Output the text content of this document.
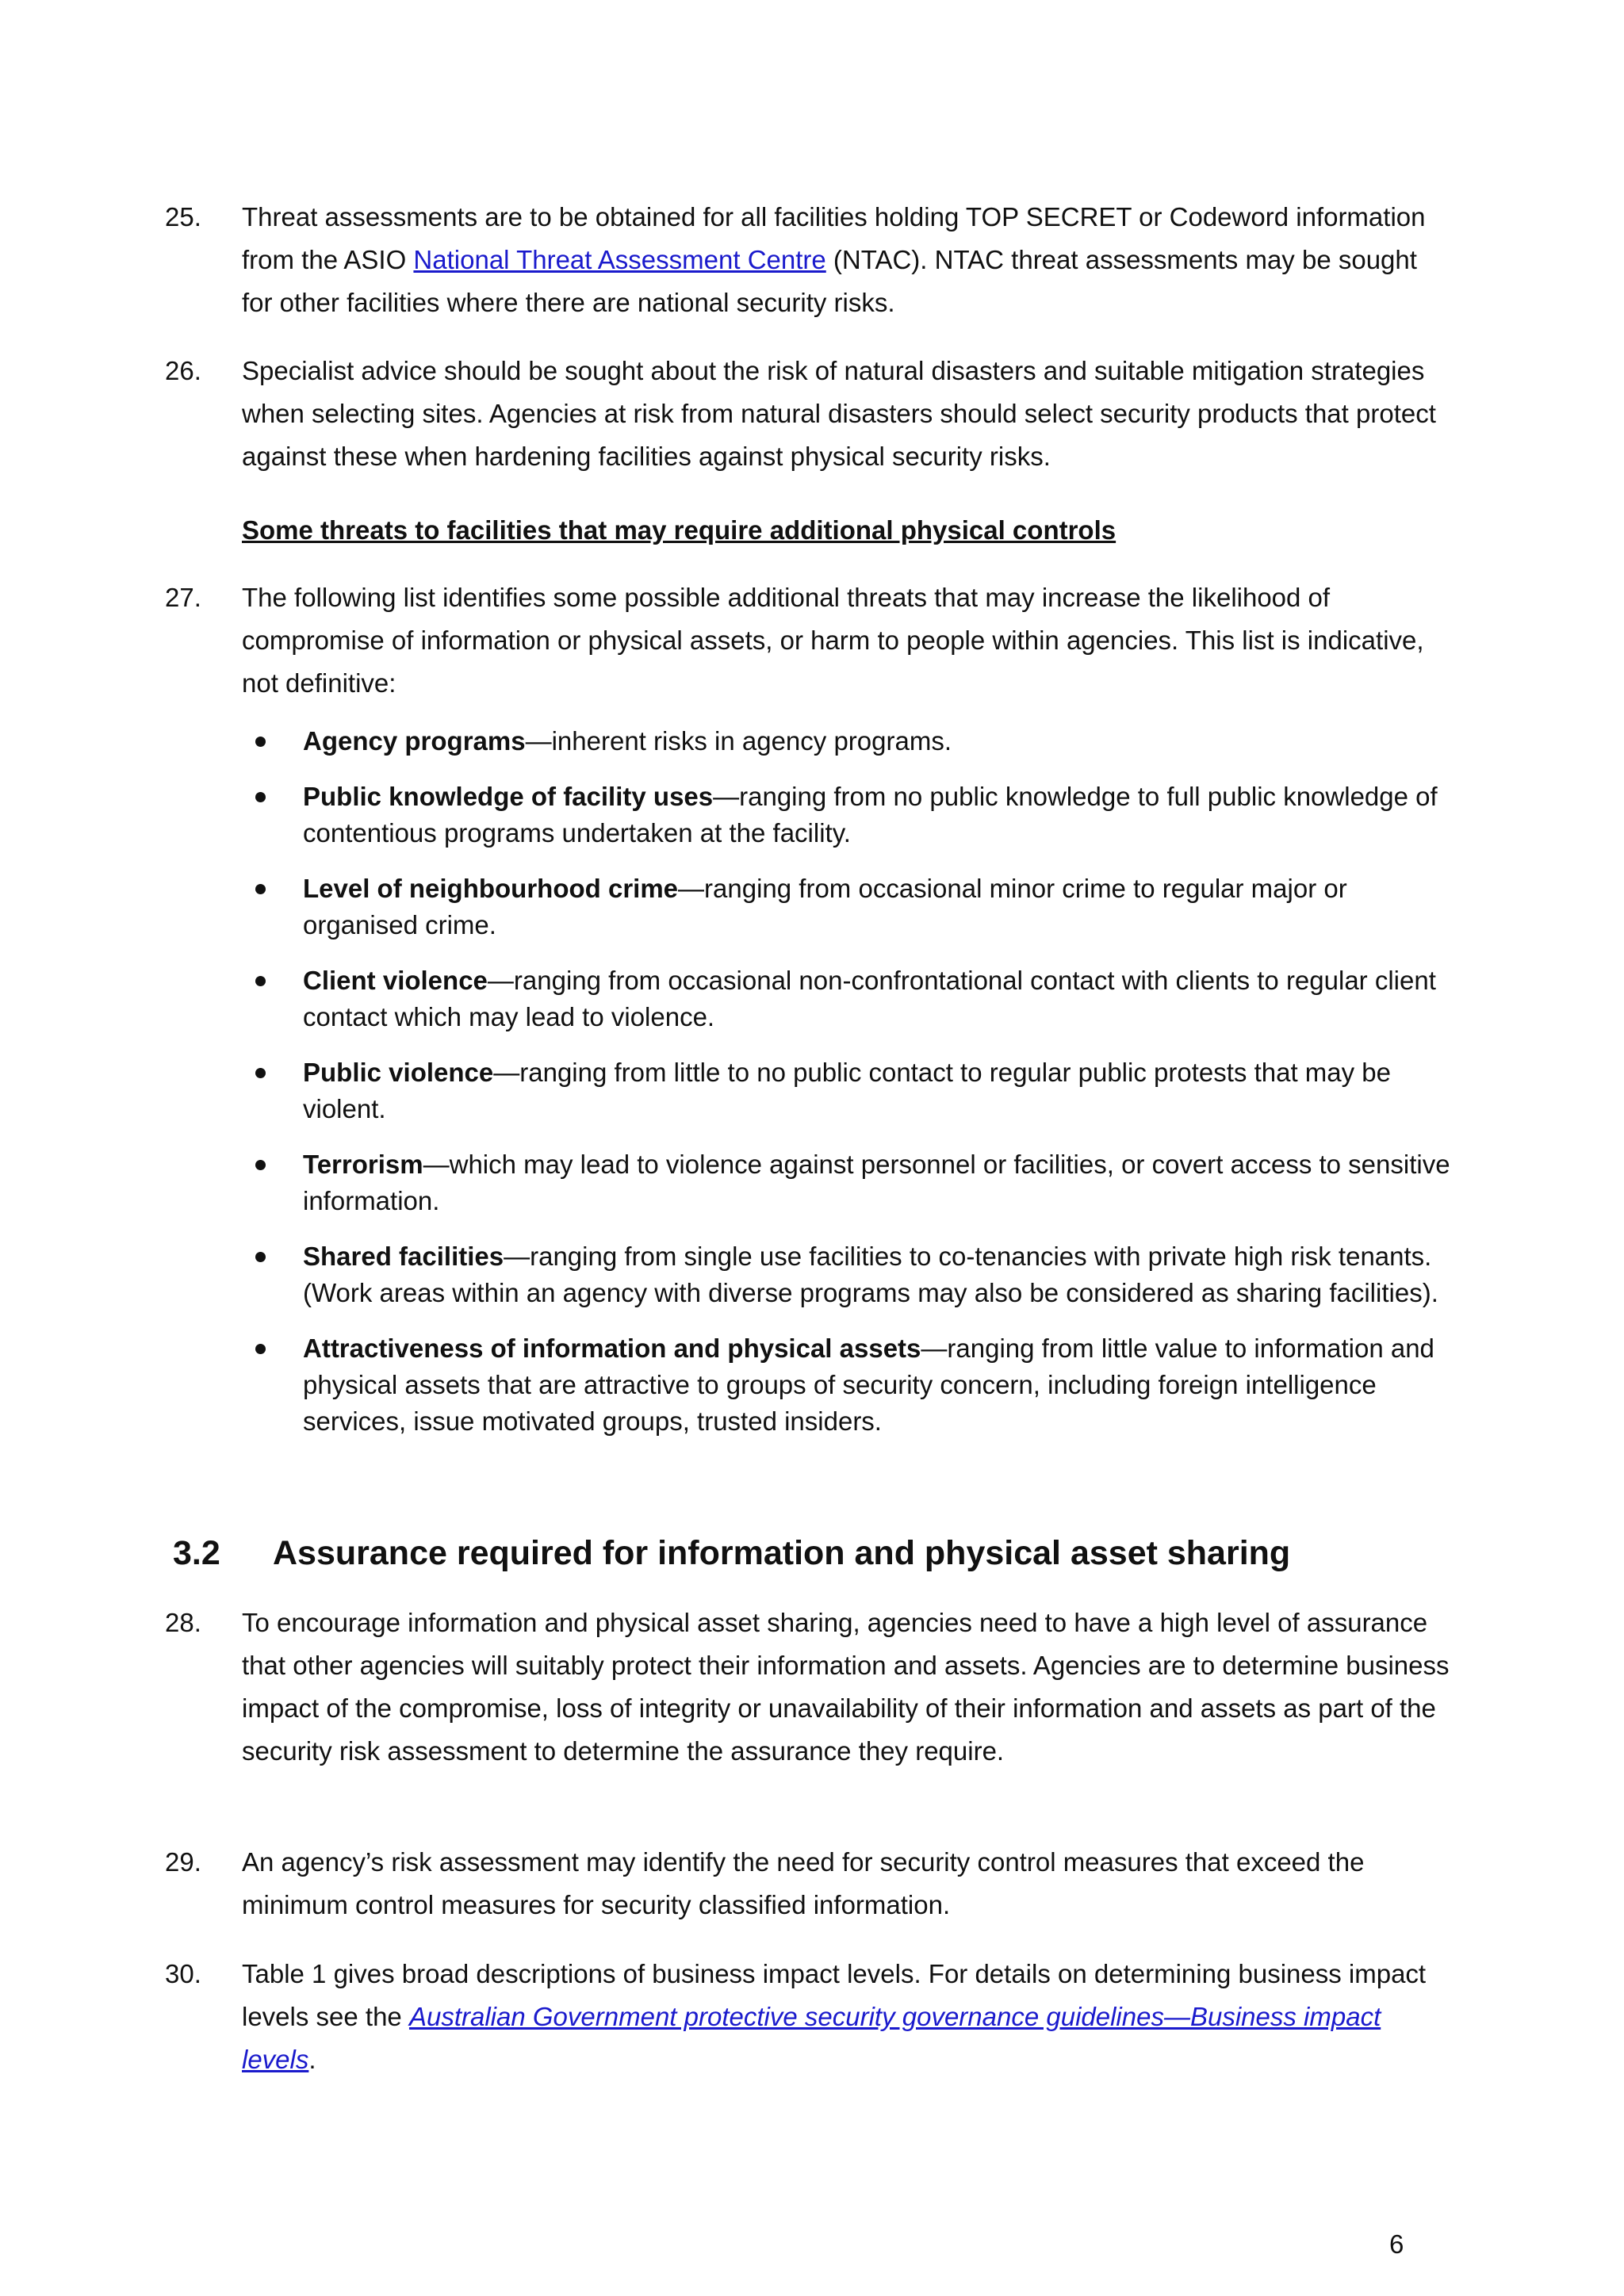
25.	Threat assessments are to be obtained for all facilities holding TOP SECRET or Codeword information from the ASIO National Threat Assessment Centre (NTAC). NTAC threat assessments may be sought for other facilities where there are national security risks.
26.	Specialist advice should be sought about the risk of natural disasters and suitable mitigation strategies when selecting sites. Agencies at risk from natural disasters should select security products that protect against these when hardening facilities against physical security risks.
Some threats to facilities that may require additional physical controls
27.	The following list identifies some possible additional threats that may increase the likelihood of compromise of information or physical assets, or harm to people within agencies. This list is indicative, not definitive:
Agency programs—inherent risks in agency programs.
Public knowledge of facility uses—ranging from no public knowledge to full public knowledge of contentious programs undertaken at the facility.
Level of neighbourhood crime—ranging from occasional minor crime to regular major or organised crime.
Client violence—ranging from occasional non-confrontational contact with clients to regular client contact which may lead to violence.
Public violence—ranging from little to no public contact to regular public protests that may be violent.
Terrorism—which may lead to violence against personnel or facilities, or covert access to sensitive information.
Shared facilities—ranging from single use facilities to co-tenancies with private high risk tenants. (Work areas within an agency with diverse programs may also be considered as sharing facilities).
Attractiveness of information and physical assets—ranging from little value to information and physical assets that are attractive to groups of security concern, including foreign intelligence services, issue motivated groups, trusted insiders.
3.2 Assurance required for information and physical asset sharing
28.	To encourage information and physical asset sharing, agencies need to have a high level of assurance that other agencies will suitably protect their information and assets. Agencies are to determine business impact of the compromise, loss of integrity or unavailability of their information and assets as part of the security risk assessment to determine the assurance they require.
29.	An agency’s risk assessment may identify the need for security control measures that exceed the minimum control measures for security classified information.
30.	Table 1 gives broad descriptions of business impact levels. For details on determining business impact levels see the Australian Government protective security governance guidelines—Business impact levels.
6
